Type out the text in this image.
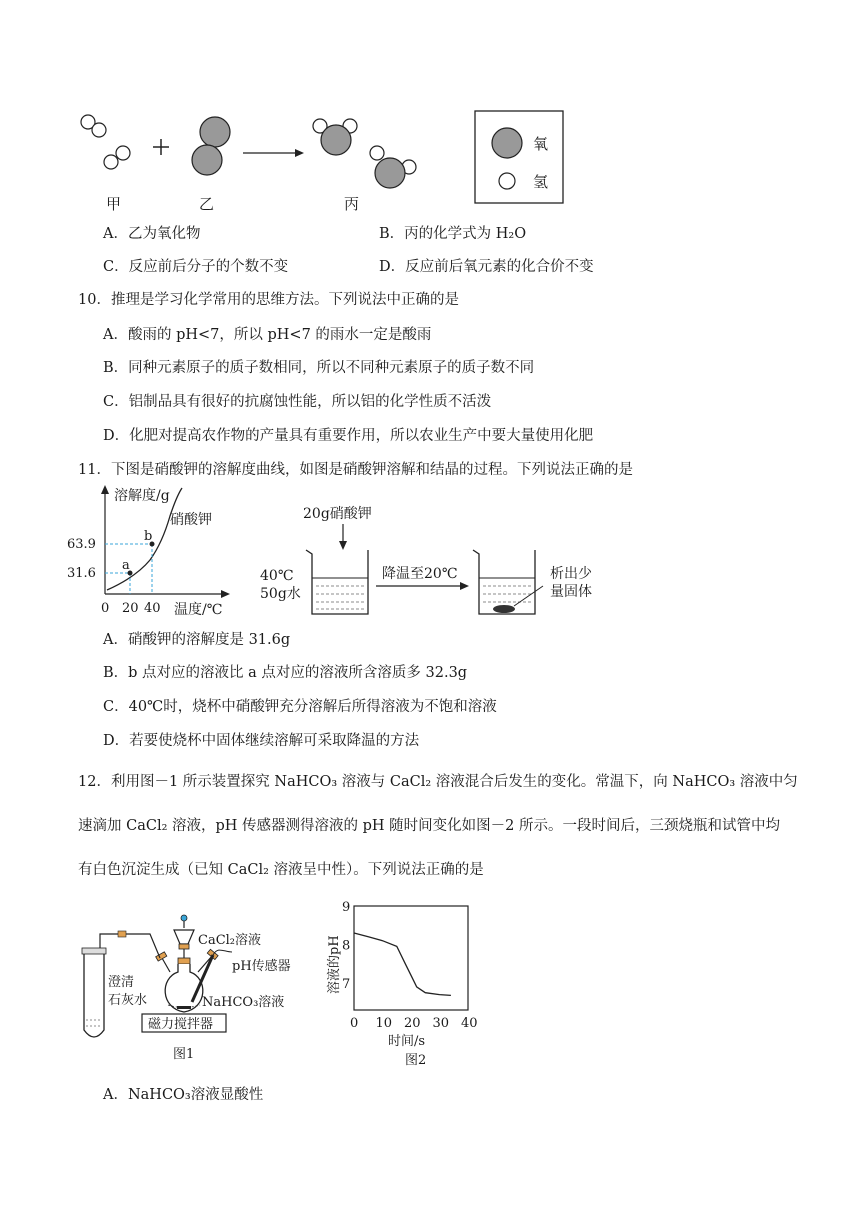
甲	乙	丙
氧
氢
A．乙为氧化物	B．丙的化学式为 H₂O
C．反应前后分子的个数不变	D．反应前后氧元素的化合价不变
10．推理是学习化学常用的思维方法。下列说法中正确的是
A．酸雨的 pH<7，所以 pH<7 的雨水一定是酸雨
B．同种元素原子的质子数相同，所以不同种元素原子的质子数不同
C．铝制品具有很好的抗腐蚀性能，所以铝的化学性质不活泼
D．化肥对提高农作物的产量具有重要作用，所以农业生产中要大量使用化肥
11．下图是硝酸钾的溶解度曲线，如图是硝酸钾溶解和结晶的过程。下列说法正确的是
溶解度/g
温度/℃
硝酸钾
a
b
63.9
31.6
0 20 40
20g硝酸钾
40℃
50g水
降温至20℃	析出少
量固体
A．硝酸钾的溶解度是 31.6g
B．b 点对应的溶液比 a 点对应的溶液所含溶质多 32.3g
C．40℃时，烧杯中硝酸钾充分溶解后所得溶液为不饱和溶液
D．若要使烧杯中固体继续溶解可采取降温的方法
12．利用图－1 所示装置探究 NaHCO₃ 溶液与 CaCl₂ 溶液混合后发生的变化。常温下，向 NaHCO₃ 溶液中匀
速滴加 CaCl₂ 溶液，pH 传感器测得溶液的 pH 随时间变化如图－2 所示。一段时间后，三颈烧瓶和试管中均
有白色沉淀生成（已知 CaCl₂ 溶液呈中性）。下列说法正确的是
CaCl₂溶液
pH传感器
澄清
石灰水	NaHCO₃溶液
磁力搅拌器
图1
溶液的pH
时间/s
图2
0 10 20 30 40
9
8
7
A．NaHCO₃溶液显酸性
